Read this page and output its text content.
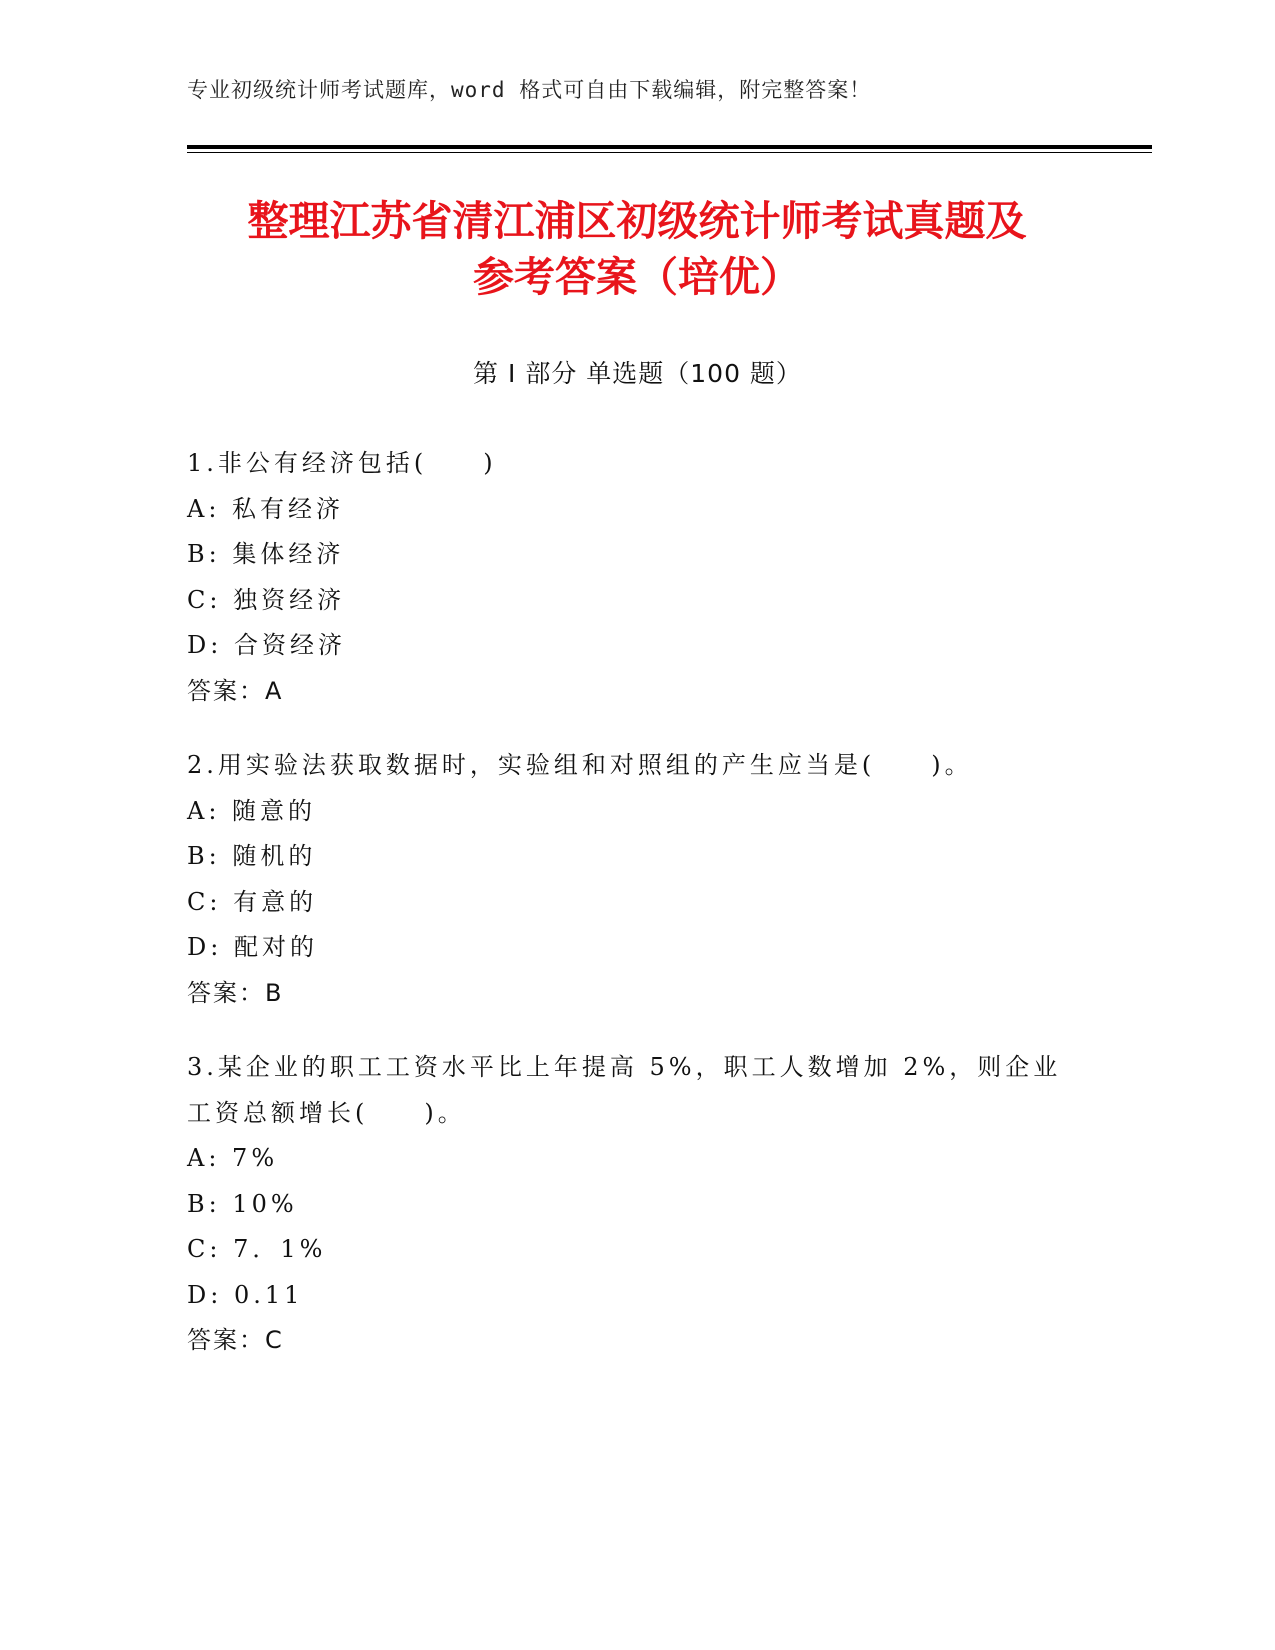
专业初级统计师考试题库，word 格式可自由下载编辑，附完整答案！
整理江苏省清江浦区初级统计师考试真题及
参考答案（培优）
第 I 部分 单选题（100 题）
1.非公有经济包括(　　)
A: 私有经济
B: 集体经济
C: 独资经济
D: 合资经济
答案：A
2.用实验法获取数据时，实验组和对照组的产生应当是(　　)。
A: 随意的
B: 随机的
C: 有意的
D: 配对的
答案：B
3.某企业的职工工资水平比上年提高 5%，职工人数增加 2%，则企业工资总额增长(　　)。
A: 7%
B: 10%
C: 7．1%
D: 0.11
答案：C
